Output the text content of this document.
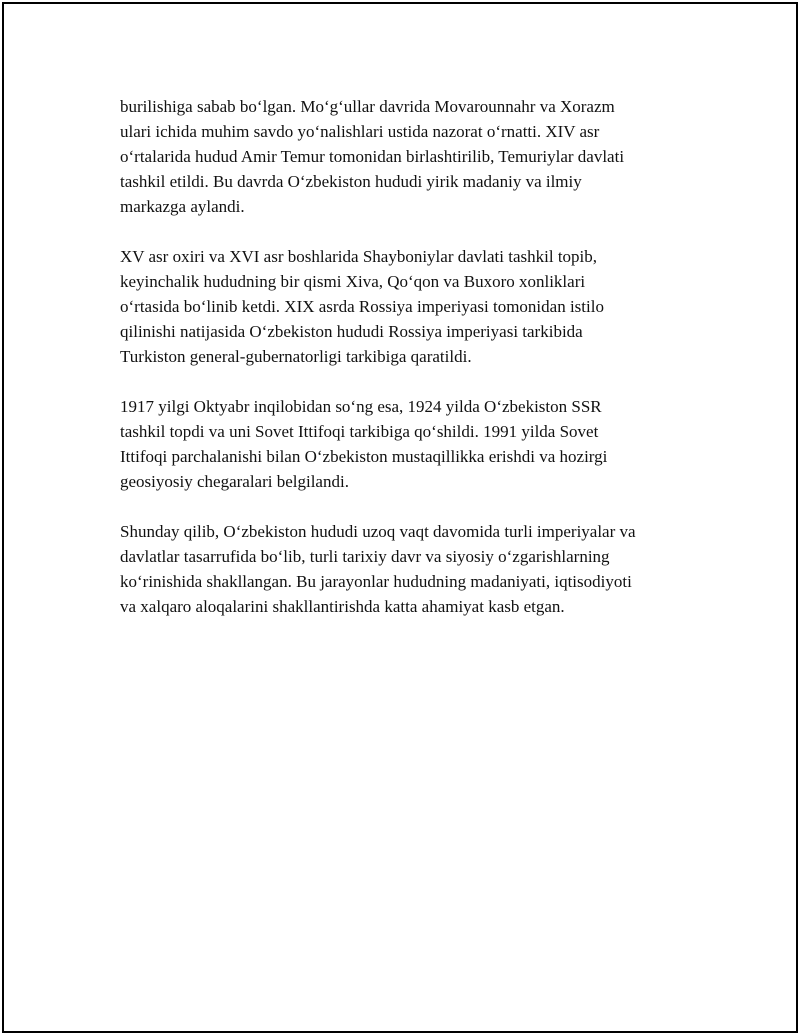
burilishiga sabab bo‘lgan. Mo‘g‘ullar davrida Movarounnahr va Xorazm
ulari ichida muhim savdo yo‘nalishlari ustida nazorat o‘rnatti. XIV asr
o‘rtalarida hudud Amir Temur tomonidan birlashtirilib, Temuriylar davlati
tashkil etildi. Bu davrda O‘zbekiston hududi yirik madaniy va ilmiy
markazga aylandi.

XV asr oxiri va XVI asr boshlarida Shayboniylar davlati tashkil topib,
keyinchalik hududning bir qismi Xiva, Qo‘qon va Buxoro xonliklari
o‘rtasida bo‘linib ketdi. XIX asrda Rossiya imperiyasi tomonidan istilo
qilinishi natijasida O‘zbekiston hududi Rossiya imperiyasi tarkibida
Turkiston general-gubernatorligi tarkibiga qaratildi.

1917 yilgi Oktyabr inqilobidan so‘ng esa, 1924 yilda O‘zbekiston SSR
tashkil topdi va uni Sovet Ittifoqi tarkibiga qo‘shildi. 1991 yilda Sovet
Ittifoqi parchalanishi bilan O‘zbekiston mustaqillikka erishdi va hozirgi
geosiyosiy chegaralari belgilandi.

Shunday qilib, O‘zbekiston hududi uzoq vaqt davomida turli imperiyalar va
davlatlar tasarrufida bo‘lib, turli tarixiy davr va siyosiy o‘zgarishlarning
ko‘rinishida shakllangan. Bu jarayonlar hududning madaniyati, iqtisodiyoti
va xalqaro aloqalarini shakllantirishda katta ahamiyat kasb etgan.
